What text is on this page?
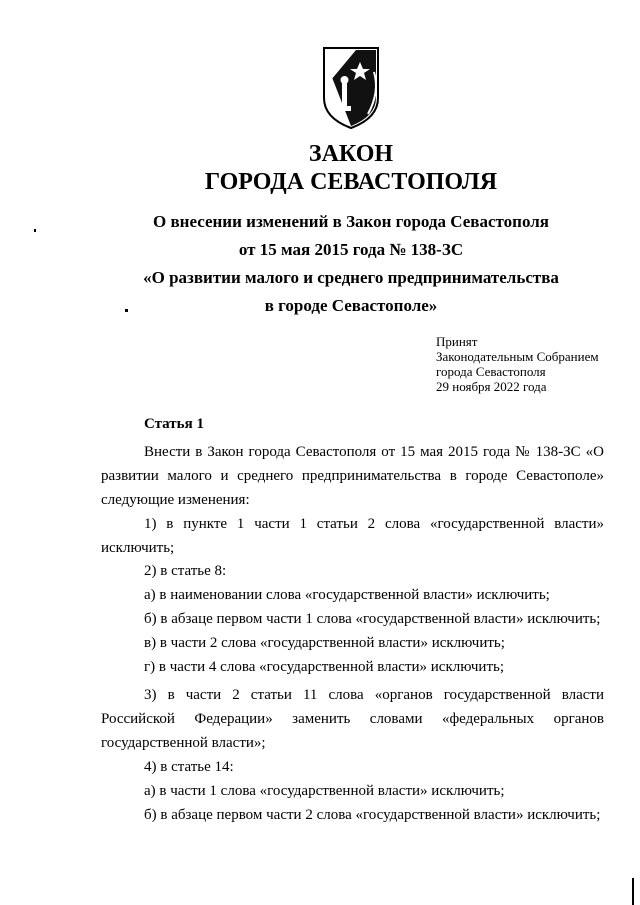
ЗАКОН
ГОРОДА СЕВАСТОПОЛЯ
О внесении изменений в Закон города Севастополя
от 15 мая 2015 года № 138-ЗС
«О развитии малого и среднего предпринимательства
в городе Севастополе»
Принят
Законодательным Собранием
города Севастополя
29 ноября 2022 года
Статья 1
Внести в Закон города Севастополя от 15 мая 2015 года № 138-ЗС «О развитии малого и среднего предпринимательства в городе Севастополе» следующие изменения:
1) в пункте 1 части 1 статьи 2 слова «государственной власти» исключить;
2) в статье 8:
а) в наименовании слова «государственной власти» исключить;
б) в абзаце первом части 1 слова «государственной власти» исключить;
в) в части 2 слова «государственной власти» исключить;
г) в части 4 слова «государственной власти» исключить;
3) в части 2 статьи 11 слова «органов государственной власти
Российской Федерации» заменить словами «федеральных органов
государственной власти»;
4) в статье 14:
а) в части 1 слова «государственной власти» исключить;
б) в абзаце первом части 2 слова «государственной власти» исключить;
